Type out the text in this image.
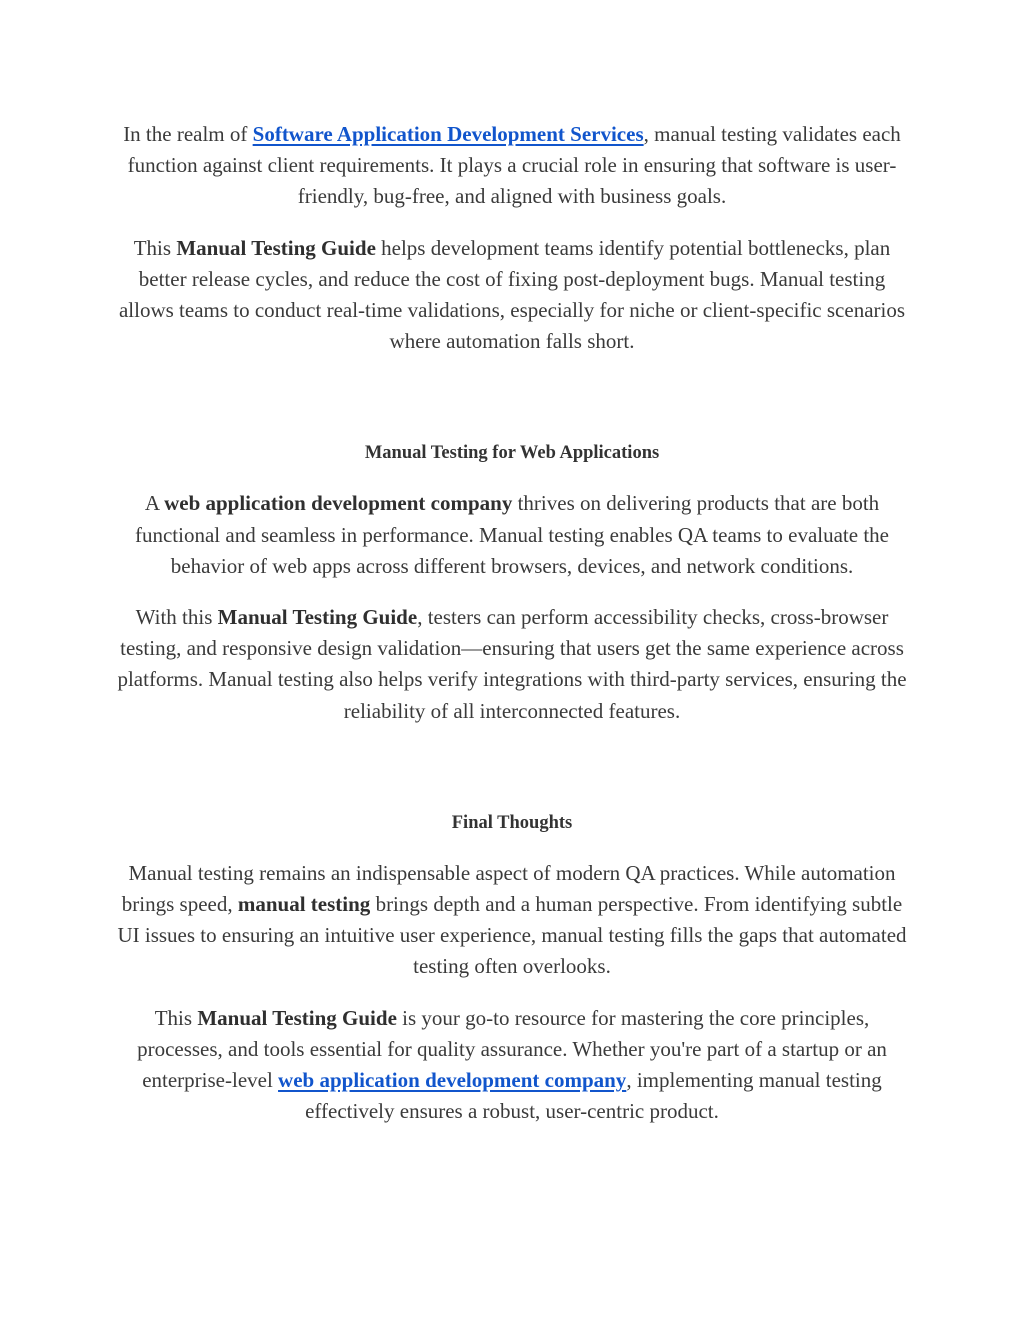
In the realm of Software Application Development Services, manual testing validates each function against client requirements. It plays a crucial role in ensuring that software is user-friendly, bug-free, and aligned with business goals.

This Manual Testing Guide helps development teams identify potential bottlenecks, plan better release cycles, and reduce the cost of fixing post-deployment bugs. Manual testing allows teams to conduct real-time validations, especially for niche or client-specific scenarios where automation falls short.

Manual Testing for Web Applications

A web application development company thrives on delivering products that are both functional and seamless in performance. Manual testing enables QA teams to evaluate the behavior of web apps across different browsers, devices, and network conditions.

With this Manual Testing Guide, testers can perform accessibility checks, cross-browser testing, and responsive design validation—ensuring that users get the same experience across platforms. Manual testing also helps verify integrations with third-party services, ensuring the reliability of all interconnected features.

Final Thoughts

Manual testing remains an indispensable aspect of modern QA practices. While automation brings speed, manual testing brings depth and a human perspective. From identifying subtle UI issues to ensuring an intuitive user experience, manual testing fills the gaps that automated testing often overlooks.

This Manual Testing Guide is your go-to resource for mastering the core principles, processes, and tools essential for quality assurance. Whether you're part of a startup or an enterprise-level web application development company, implementing manual testing effectively ensures a robust, user-centric product.
